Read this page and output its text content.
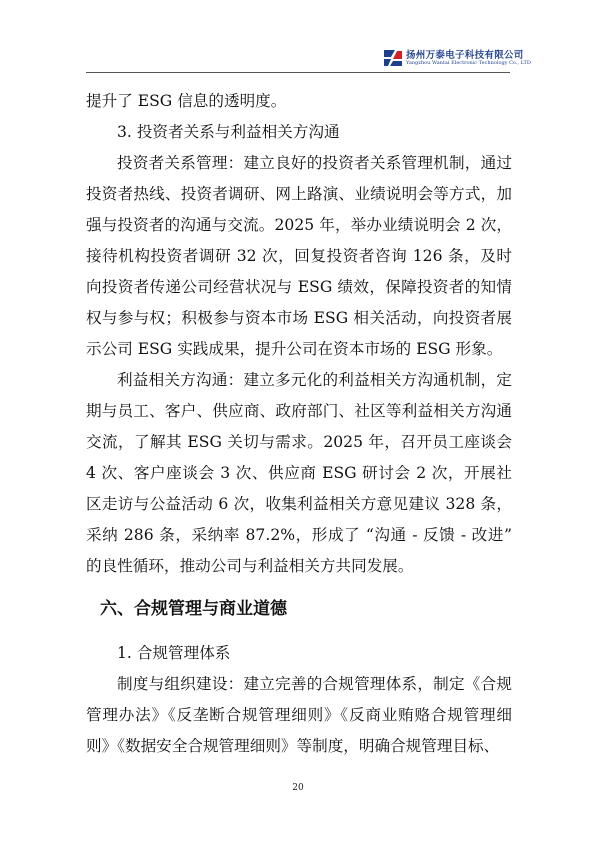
扬州万泰电子科技有限公司
Yangzhou Wantai Electronic Technology Co., LTD

提升了 ESG 信息的透明度。

3. 投资者关系与利益相关方沟通

投资者关系管理：建立良好的投资者关系管理机制，通过投资者热线、投资者调研、网上路演、业绩说明会等方式，加强与投资者的沟通与交流。2025 年，举办业绩说明会 2 次，接待机构投资者调研 32 次，回复投资者咨询 126 条，及时向投资者传递公司经营状况与 ESG 绩效，保障投资者的知情权与参与权；积极参与资本市场 ESG 相关活动，向投资者展示公司 ESG 实践成果，提升公司在资本市场的 ESG 形象。

利益相关方沟通：建立多元化的利益相关方沟通机制，定期与员工、客户、供应商、政府部门、社区等利益相关方沟通交流，了解其 ESG 关切与需求。2025 年，召开员工座谈会 4 次、客户座谈会 3 次、供应商 ESG 研讨会 2 次，开展社区走访与公益活动 6 次，收集利益相关方意见建议 328 条，采纳 286 条，采纳率 87.2%，形成了 “沟通 - 反馈 - 改进” 的良性循环，推动公司与利益相关方共同发展。

六、合规管理与商业道德

1. 合规管理体系

制度与组织建设：建立完善的合规管理体系，制定《合规管理办法》《反垄断合规管理细则》《反商业贿赂合规管理细则》《数据安全合规管理细则》等制度，明确合规管理目标、

20
